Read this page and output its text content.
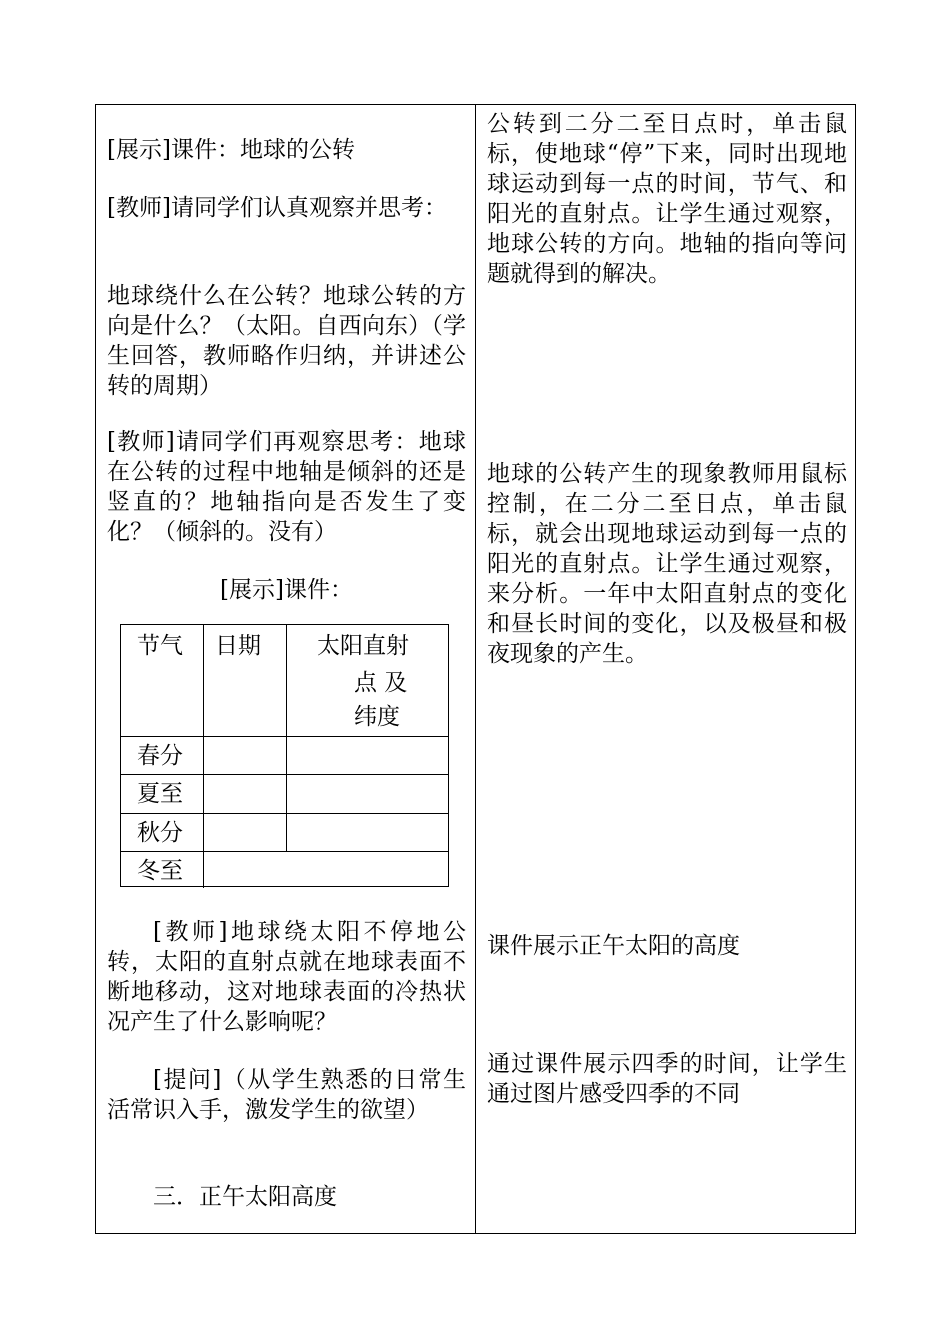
[展示]课件：地球的公转

[教师]请同学们认真观察并思考：

地球绕什么在公转？地球公转的方向是什么？（太阳。自西向东）（学生回答，教师略作归纳，并讲述公转的周期）

[教师]请同学们再观察思考：地球在公转的过程中地轴是倾斜的还是竖直的？地轴指向是否发生了变化？（倾斜的。没有）

[展示]课件：

[教师]地球绕太阳不停地公转，太阳的直射点就在地球表面不断地移动，这对地球表面的冷热状况产生了什么影响呢？

[提问]（从学生熟悉的日常生活常识入手，激发学生的欲望）

三．正午太阳高度

公转到二分二至日点时，单击鼠标，使地球“停”下来，同时出现地球运动到每一点的时间，节气、和阳光的直射点。让学生通过观察，地球公转的方向。地轴的指向等问题就得到的解决。

地球的公转产生的现象教师用鼠标控制，在二分二至日点，单击鼠标，就会出现地球运动到每一点的阳光的直射点。让学生通过观察，来分析。一年中太阳直射点的变化和昼长时间的变化，以及极昼和极夜现象的产生。

课件展示正午太阳的高度

通过课件展示四季的时间，让学生通过图片感受四季的不同

节气 日期 太阳直射
点 及
纬度
春分
夏至
秋分
冬至
